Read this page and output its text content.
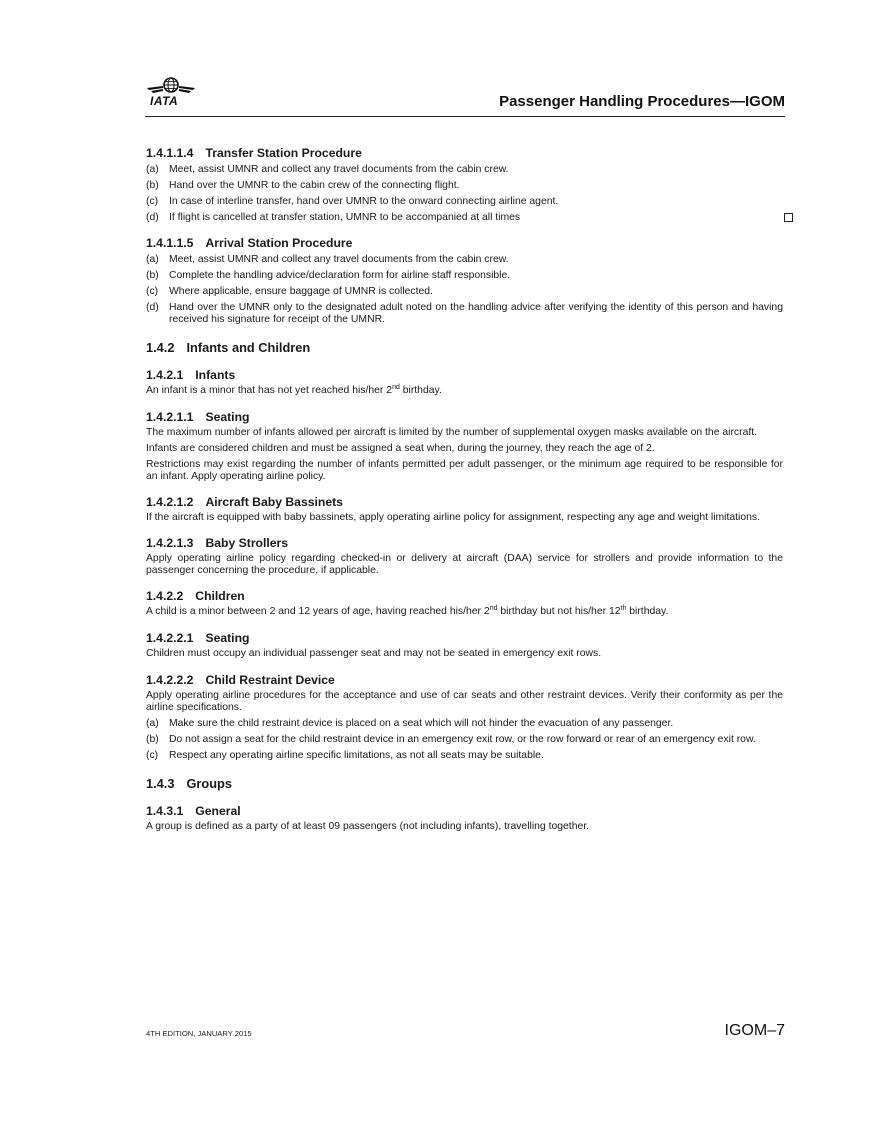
IATA	Passenger Handling Procedures—IGOM
1.4.1.1.4 Transfer Station Procedure
(a) Meet, assist UMNR and collect any travel documents from the cabin crew.
(b) Hand over the UMNR to the cabin crew of the connecting flight.
(c) In case of interline transfer, hand over UMNR to the onward connecting airline agent.
(d) If flight is cancelled at transfer station, UMNR to be accompanied at all times
1.4.1.1.5 Arrival Station Procedure
(a) Meet, assist UMNR and collect any travel documents from the cabin crew.
(b) Complete the handling advice/declaration form for airline staff responsible.
(c) Where applicable, ensure baggage of UMNR is collected.
(d) Hand over the UMNR only to the designated adult noted on the handling advice after verifying the identity of this person and having received his signature for receipt of the UMNR.
1.4.2 Infants and Children
1.4.2.1 Infants

An infant is a minor that has not yet reached his/her 2nd birthday.

1.4.2.1.1 Seating

The maximum number of infants allowed per aircraft is limited by the number of supplemental oxygen masks available on the aircraft.

Infants are considered children and must be assigned a seat when, during the journey, they reach the age of 2.

Restrictions may exist regarding the number of infants permitted per adult passenger, or the minimum age required to be responsible for an infant. Apply operating airline policy.

1.4.2.1.2 Aircraft Baby Bassinets

If the aircraft is equipped with baby bassinets, apply operating airline policy for assignment, respecting any age and weight limitations.

1.4.2.1.3 Baby Strollers

Apply operating airline policy regarding checked-in or delivery at aircraft (DAA) service for strollers and provide information to the passenger concerning the procedure, if applicable.

1.4.2.2 Children

A child is a minor between 2 and 12 years of age, having reached his/her 2nd birthday but not his/her 12th birthday.

1.4.2.2.1 Seating

Children must occupy an individual passenger seat and may not be seated in emergency exit rows.

1.4.2.2.2 Child Restraint Device

Apply operating airline procedures for the acceptance and use of car seats and other restraint devices. Verify their conformity as per the airline specifications.

(a) Make sure the child restraint device is placed on a seat which will not hinder the evacuation of any passenger.
(b) Do not assign a seat for the child restraint device in an emergency exit row, or the row forward or rear of an emergency exit row.
(c) Respect any operating airline specific limitations, as not all seats may be suitable.
1.4.3 Groups
1.4.3.1 General

A group is defined as a party of at least 09 passengers (not including infants), travelling together.

4TH EDITION, JANUARY 2015	IGOM–7
